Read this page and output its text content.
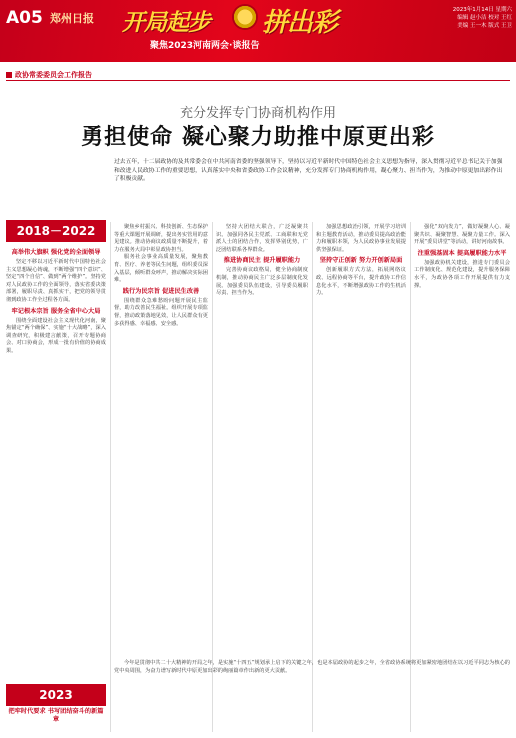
A05 郑州日报 开局起步 拼出彩	2023年1月14日 星期六
编辑 赵小洁 校对 王红
美编 王一木 版式 王卫
聚焦2023河南两会·谈报告
政协常委委员会工作报告
充分发挥专门协商机构作用
勇担使命 凝心聚力助推中原更出彩
过去五年，十二届政协的及其常委会在中共河南省委的坚强领导下，坚持以习近平新时代中国特色社会主义思想为指导，深入贯彻习近平总书记关于加强和改进人民政协工作的重要思想，认真落实中央和省委政协工作会议精神，充分发挥专门协商机构作用，凝心聚力、担当作为，为推动中原更加出彩作出了积极贡献。
2018－2022
高举伟大旗帜 强化党的全面领导

坚定不移以习近平新时代中国特色社会主义思想凝心铸魂，不断增强“四个意识”、坚定“四个自信”、做到“两个维护”。坚持党对人民政协工作的全面领导，落实省委决策部署，履职尽责、真抓实干，把党的领导贯彻到政协工作全过程各方面。

牢记根本宗旨 服务全省中心大局

围绕全面建设社会主义现代化河南，聚焦锚定“两个确保”、实施“十大战略”，深入调查研究，积极建言献策，召开专题协商会、对口协商会，形成一批有价值的协商成果。

2023
把牢时代要求 书写团结奋斗的新篇章

聚焦乡村振兴、科技创新、生态保护等重大课题开展调研，提出务实管用的意见建议。推动协商议政质量不断提升，着力在服务大局中彰显政协担当。

服务社会事业高质量发展，聚焦教育、医疗、养老等民生问题，组织委员深入基层，倾听群众呼声，推动解决实际困难。

践行为民宗旨 促进民生改善

围绕群众急难愁盼问题开展民主监督，助力改善民生福祉。组织开展专项监督，推动政策落地见效，让人民群众有更多获得感、幸福感、安全感。

坚持大团结大联合，广泛凝聚共识。加强同各民主党派、工商联和无党派人士的团结合作，发挥界别优势，广泛团结联系各界群众。

推进协商民主 提升履职能力

完善协商议政格局，健全协商制度机制，推动协商民主广泛多层制度化发展。加强委员队伍建设，引导委员履职尽责、担当作为。

加强思想政治引领，开展学习培训和主题教育活动，推动委员提高政治能力和履职本领，为人民政协事业发展提供坚强保证。

坚持守正创新 努力开创新局面

创新履职方式方法，拓展网络议政、远程协商等平台，提升政协工作信息化水平，不断增强政协工作的生机活力。

强化“双向发力”，做好凝聚人心、凝聚共识、凝聚智慧、凝聚力量工作。深入开展“委员讲堂”等活动，讲好河南故事。

注重强基固本 提高履职能力水平

加强政协机关建设，推进专门委员会工作制度化、规范化建设，提升服务保障水平，为政协各项工作开展提供有力支撑。

今年是贯彻中共二十大精神的开局之年，是实施“十四五”规划承上启下的关键之年，也是本届政协的起步之年，全省政协系统将更加紧密地团结在以习近平同志为核心的党中央周围，为奋力谱写新时代中原更加出彩的绚丽篇章作出新的更大贡献。
